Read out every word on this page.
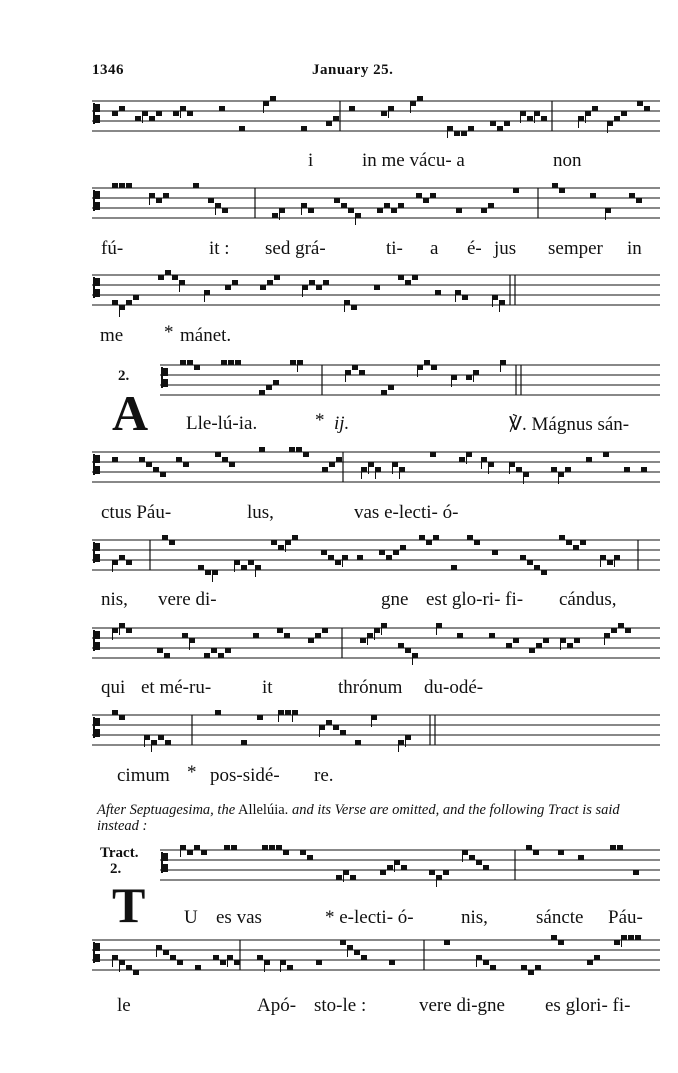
1346	January 25.
i	in me vácu- a	non
fú-	it : sed grá-	ti- a é- jus semper in
me * mánet.
2.
A Lle-lú-ia.	* ij.	℣. Mágnus sán-
ctus Páu-	lus,	vas e-lecti- ó-
nis, vere di-	gne est glo-ri- fi- cándus,
qui et mé-ru-	it	thrónum du-odé-
cimum * pos-sidé- re.
After Septuagesima, the Allelúia. and its Verse are omitted, and the following Tract is said instead :
Tract.
2.
T U es vas	* e-lecti- ó- nis,	sáncte Páu-
le	Apó- sto-le :	vere di-gne es glori- fi-
